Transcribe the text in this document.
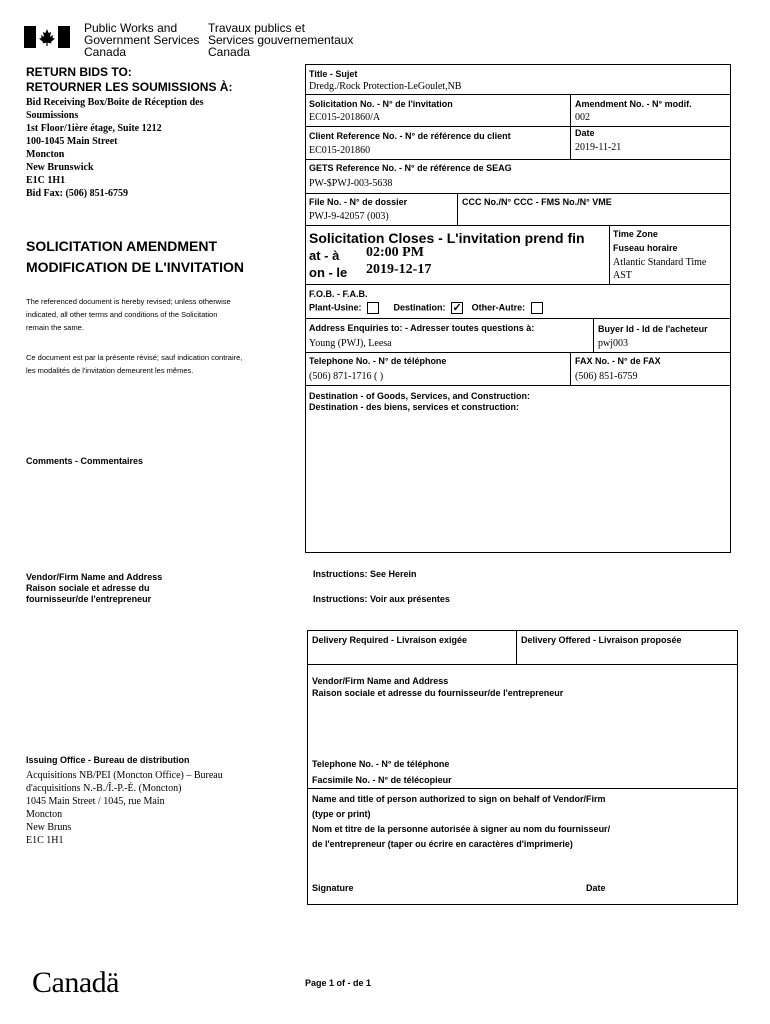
Public Works and
Government Services
Canada
Travaux publics et
Services gouvernementaux
Canada
RETURN BIDS TO:
RETOURNER LES SOUMISSIONS À:
Bid Receiving Box/Boite de Réception des
Soumissions
1st Floor/1ière étage, Suite 1212
100-1045 Main Street
Moncton
New Brunswick
E1C 1H1
Bid Fax: (506) 851-6759
SOLICITATION AMENDMENT
MODIFICATION DE L'INVITATION
The referenced document is hereby revised; unless otherwise
indicated, all other terms and conditions of the Solicitation
remain the same.
Ce document est par la présente révisé; sauf indication contraire,
les modalités de l'invitation demeurent les mêmes.
Comments - Commentaires
Vendor/Firm Name and Address
Raison sociale et adresse du
fournisseur/de l'entrepreneur
Issuing Office - Bureau de distribution
Acquisitions NB/PEI (Moncton Office) – Bureau
d'acquisitions N.-B./Î.-P.-É. (Moncton)
1045 Main Street / 1045, rue Main
Moncton
New Bruns
E1C 1H1
Title - Sujet
Dredg./Rock Protection-LeGoulet,NB
Solicitation No. - N° de l'invitation
EC015-201860/A
Amendment No. - N° modif.
002
Client Reference No. - N° de référence du client
EC015-201860
Date
2019-11-21
GETS Reference No. - N° de référence de SEAG
PW-$PWJ-003-5638
File No. - N° de dossier
PWJ-9-42057 (003)
CCC No./N° CCC - FMS No./N° VME
Solicitation Closes - L'invitation prend fin
at - à 02:00 PM
on - le 2019-12-17
Time Zone
Fuseau horaire
Atlantic Standard Time
AST
F.O.B. - F.A.B.
Plant-Usine:	Destination: ✓ Other-Autre:
Address Enquiries to: - Adresser toutes questions à:
Young (PWJ), Leesa
Buyer Id - Id de l'acheteur
pwj003
Telephone No. - N° de téléphone
(506) 871-1716 ( )
FAX No. - N° de FAX
(506) 851-6759
Destination - of Goods, Services, and Construction:
Destination - des biens, services et construction:
Instructions: See Herein
Instructions: Voir aux présentes
Delivery Required - Livraison exigée	Delivery Offered - Livraison proposée
Vendor/Firm Name and Address
Raison sociale et adresse du fournisseur/de l'entrepreneur
Telephone No. - N° de téléphone
Facsimile No. - N° de télécopieur
Name and title of person authorized to sign on behalf of Vendor/Firm
(type or print)
Nom et titre de la personne autorisée à signer au nom du fournisseur/
de l'entrepreneur (taper ou écrire en caractères d'imprimerie)
Signature	Date
Canadä	Page 1 of - de 1
